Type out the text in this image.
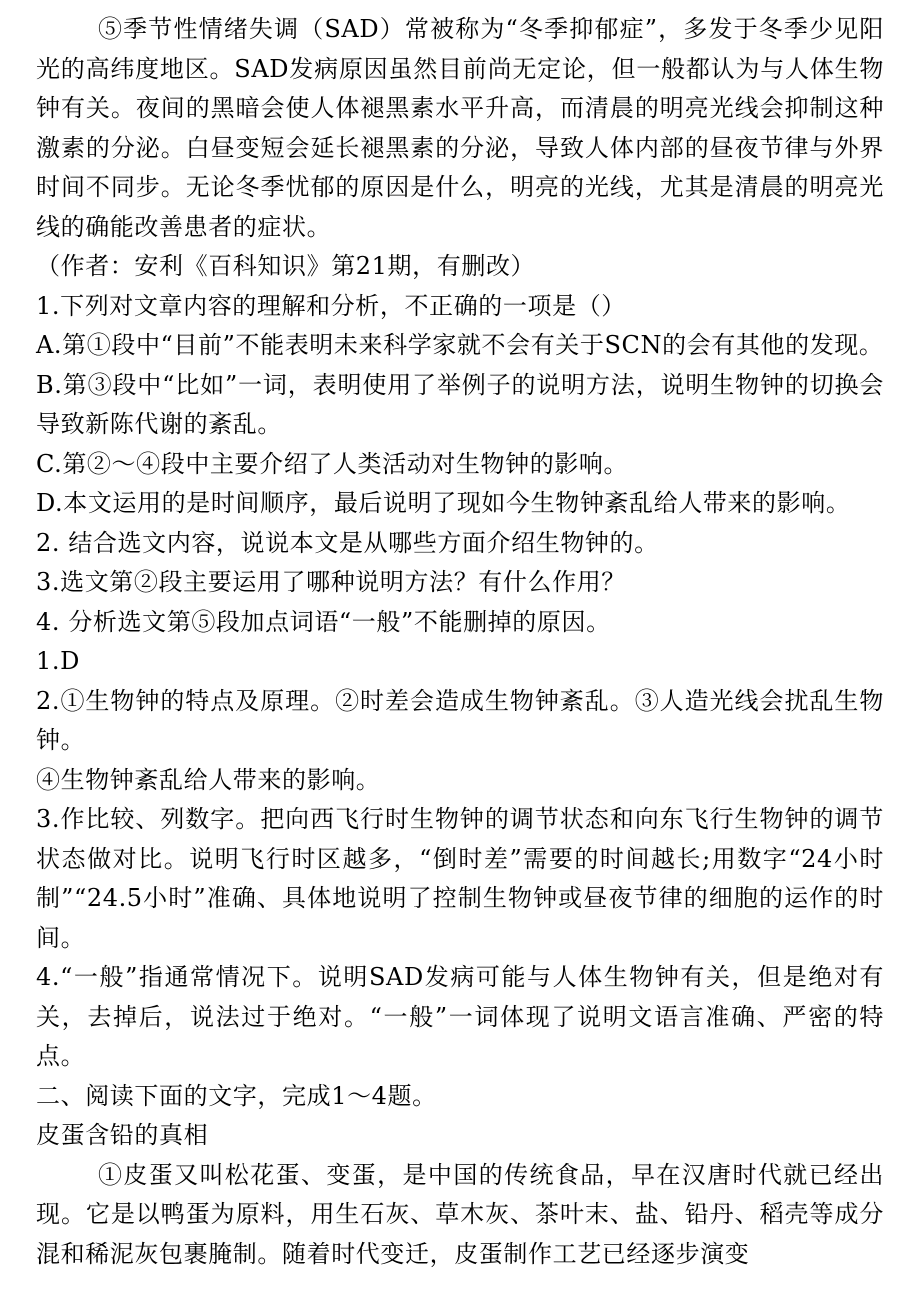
⑤季节性情绪失调（SAD）常被称为“冬季抑郁症”，多发于冬季少见阳光的高纬度地区。SAD发病原因虽然目前尚无定论，但一般都认为与人体生物钟有关。夜间的黑暗会使人体褪黑素水平升高，而清晨的明亮光线会抑制这种激素的分泌。白昼变短会延长褪黑素的分泌，导致人体内部的昼夜节律与外界时间不同步。无论冬季忧郁的原因是什么，明亮的光线，尤其是清晨的明亮光线的确能改善患者的症状。

（作者：安利《百科知识》第21期，有删改）

1.下列对文章内容的理解和分析，不正确的一项是（）

A.第①段中“目前”不能表明未来科学家就不会有关于SCN的会有其他的发现。

B.第③段中“比如”一词，表明使用了举例子的说明方法，说明生物钟的切换会导致新陈代谢的紊乱。

C.第②～④段中主要介绍了人类活动对生物钟的影响。

D.本文运用的是时间顺序，最后说明了现如今生物钟紊乱给人带来的影响。

2. 结合选文内容，说说本文是从哪些方面介绍生物钟的。

3.选文第②段主要运用了哪种说明方法？有什么作用？

4. 分析选文第⑤段加点词语“一般”不能删掉的原因。

1.D

2.①生物钟的特点及原理。②时差会造成生物钟紊乱。③人造光线会扰乱生物钟。

④生物钟紊乱给人带来的影响。

3.作比较、列数字。把向西飞行时生物钟的调节状态和向东飞行生物钟的调节状态做对比。说明飞行时区越多，“倒时差”需要的时间越长;用数字“24小时制”“24.5小时”准确、具体地说明了控制生物钟或昼夜节律的细胞的运作的时间。

4.“一般”指通常情况下。说明SAD发病可能与人体生物钟有关，但是绝对有关，去掉后，说法过于绝对。“一般”一词体现了说明文语言准确、严密的特点。

二、阅读下面的文字，完成1～4题。

皮蛋含铅的真相

①皮蛋又叫松花蛋、变蛋，是中国的传统食品，早在汉唐时代就已经出现。它是以鸭蛋为原料，用生石灰、草木灰、茶叶末、盐、铅丹、稻壳等成分混和稀泥灰包裹腌制。随着时代变迁，皮蛋制作工艺已经逐步演变
